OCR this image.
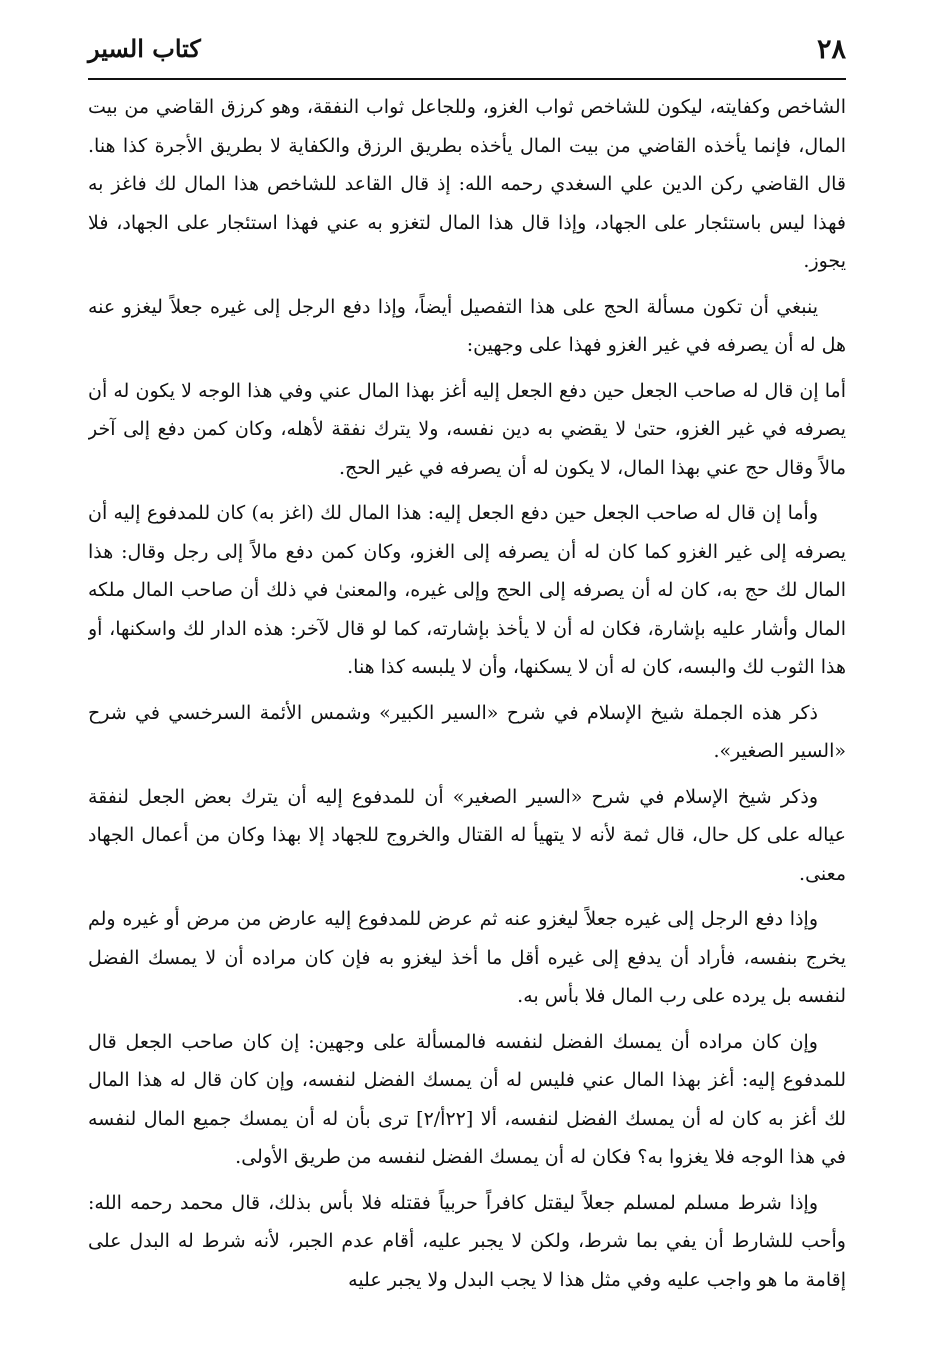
كتاب السير	٢٨

الشاخص وكفايته، ليكون للشاخص ثواب الغزو، وللجاعل ثواب النفقة، وهو كرزق القاضي من بيت المال، فإنما يأخذه القاضي من بيت المال يأخذه بطريق الرزق والكفاية لا بطريق الأجرة كذا هنا. قال القاضي ركن الدين علي السغدي رحمه الله: إذ قال القاعد للشاخص هذا المال لك فاغز به فهذا ليس باستئجار على الجهاد، وإذا قال هذا المال لتغزو به عني فهذا استئجار على الجهاد، فلا يجوز.

ينبغي أن تكون مسألة الحج على هذا التفصيل أيضاً، وإذا دفع الرجل إلى غيره جعلاً ليغزو عنه هل له أن يصرفه في غير الغزو فهذا على وجهين:

أما إن قال له صاحب الجعل حين دفع الجعل إليه أغز بهذا المال عني وفي هذا الوجه لا يكون له أن يصرفه في غير الغزو، حتىٰ لا يقضي به دين نفسه، ولا يترك نفقة لأهله، وكان كمن دفع إلى آخر مالاً وقال حج عني بهذا المال، لا يكون له أن يصرفه في غير الحج.

وأما إن قال له صاحب الجعل حين دفع الجعل إليه: هذا المال لك (اغز به) كان للمدفوع إليه أن يصرفه إلى غير الغزو كما كان له أن يصرفه إلى الغزو، وكان كمن دفع مالاً إلى رجل وقال: هذا المال لك حج به، كان له أن يصرفه إلى الحج وإلى غيره، والمعنىٰ في ذلك أن صاحب المال ملكه المال وأشار عليه بإشارة، فكان له أن لا يأخذ بإشارته، كما لو قال لآخر: هذه الدار لك واسكنها، أو هذا الثوب لك والبسه، كان له أن لا يسكنها، وأن لا يلبسه كذا هنا.

ذكر هذه الجملة شيخ الإسلام في شرح «السير الكبير» وشمس الأئمة السرخسي في شرح «السير الصغير».

وذكر شيخ الإسلام في شرح «السير الصغير» أن للمدفوع إليه أن يترك بعض الجعل لنفقة عياله على كل حال، قال ثمة لأنه لا يتهيأ له القتال والخروج للجهاد إلا بهذا وكان من أعمال الجهاد معنى.

وإذا دفع الرجل إلى غيره جعلاً ليغزو عنه ثم عرض للمدفوع إليه عارض من مرض أو غيره ولم يخرج بنفسه، فأراد أن يدفع إلى غيره أقل ما أخذ ليغزو به فإن كان مراده أن لا يمسك الفضل لنفسه بل يرده على رب المال فلا بأس به.

وإن كان مراده أن يمسك الفضل لنفسه فالمسألة على وجهين: إن كان صاحب الجعل قال للمدفوع إليه: أغز بهذا المال عني فليس له أن يمسك الفضل لنفسه، وإن كان قال له هذا المال لك أغز به كان له أن يمسك الفضل لنفسه، ألا [٢٢أ/٢] ترى بأن له أن يمسك جميع المال لنفسه في هذا الوجه فلا يغزوا به؟ فكان له أن يمسك الفضل لنفسه من طريق الأولى.

وإذا شرط مسلم لمسلم جعلاً ليقتل كافراً حربياً فقتله فلا بأس بذلك، قال محمد رحمه الله: وأحب للشارط أن يفي بما شرط، ولكن لا يجبر عليه، أقام عدم الجبر، لأنه شرط له البدل على إقامة ما هو واجب عليه وفي مثل هذا لا يجب البدل ولا يجبر عليه
